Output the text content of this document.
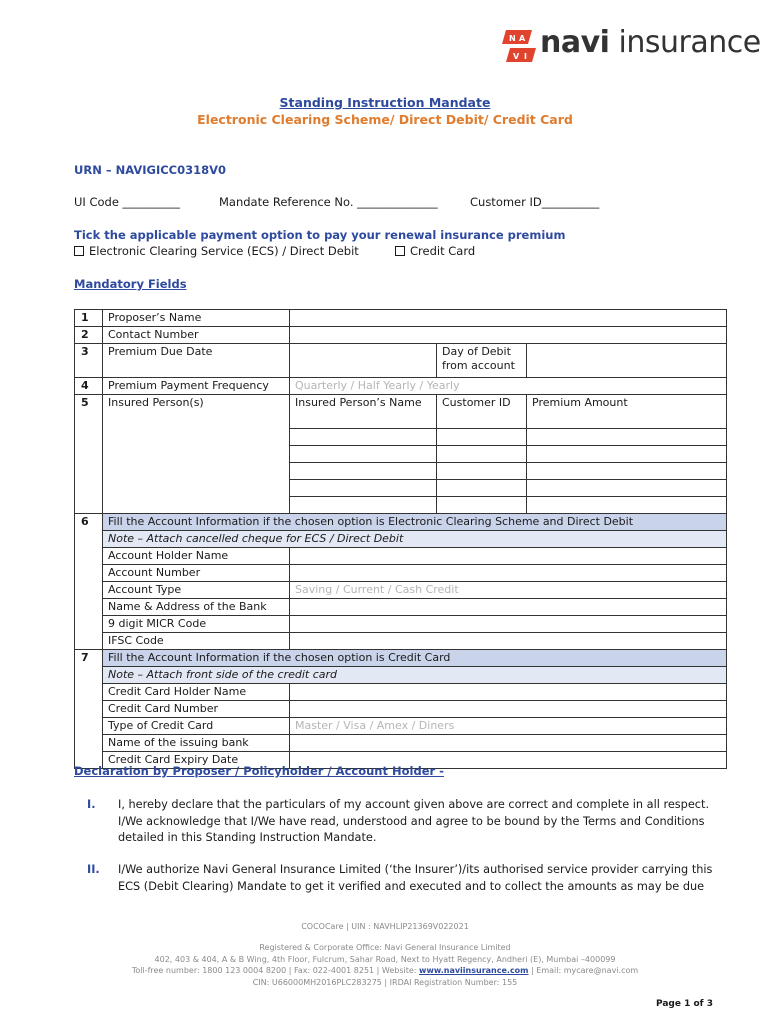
N A
V I navi insurance
Standing Instruction Mandate
Electronic Clearing Scheme/ Direct Debit/ Credit Card
URN – NAVIGICC0318V0
UI Code __________	Mandate Reference No. ______________	Customer ID__________
Tick the applicable payment option to pay your renewal insurance premium
Electronic Clearing Service (ECS) / Direct Debit	Credit Card
Mandatory Fields
1	Proposer’s Name			
2	Contact Number			
3	Premium Due Date		Day of Debit from account	
4	Premium Payment Frequency	Quarterly / Half Yearly / Yearly		
5	Insured Person(s)	Insured Person’s Name	Customer ID	Premium Amount

6	Fill the Account Information if the chosen option is Electronic Clearing Scheme and Direct Debit			
	Note – Attach cancelled cheque for ECS / Direct Debit			
	Account Holder Name			
	Account Number			
	Account Type	Saving / Current / Cash Credit		
	Name & Address of the Bank			
	9 digit MICR Code			
	IFSC Code			
7	Fill the Account Information if the chosen option is Credit Card			
	Note – Attach front side of the credit card			
	Credit Card Holder Name			
	Credit Card Number			
	Type of Credit Card	Master / Visa / Amex / Diners		
	Name of the issuing bank			
	Credit Card Expiry Date			
Declaration by Proposer / Policyholder / Account Holder -
I. I, hereby declare that the particulars of my account given above are correct and complete in all respect. I/We acknowledge that I/We have read, understood and agree to be bound by the Terms and Conditions detailed in this Standing Instruction Mandate.
II. I/We authorize Navi General Insurance Limited (‘the Insurer’)/its authorised service provider carrying this ECS (Debit Clearing) Mandate to get it verified and executed and to collect the amounts as may be due
COCOCare | UIN : NAVHLIP21369V022021
Registered & Corporate Office: Navi General Insurance Limited
402, 403 & 404, A & B Wing, 4th Floor, Fulcrum, Sahar Road, Next to Hyatt Regency, Andheri (E), Mumbai –400099
Toll-free number: 1800 123 0004 8200 | Fax: 022-4001 8251 | Website: www.naviinsurance.com | Email: mycare@navi.com
CIN: U66000MH2016PLC283275 | IRDAI Registration Number: 155
Page 1 of 3
